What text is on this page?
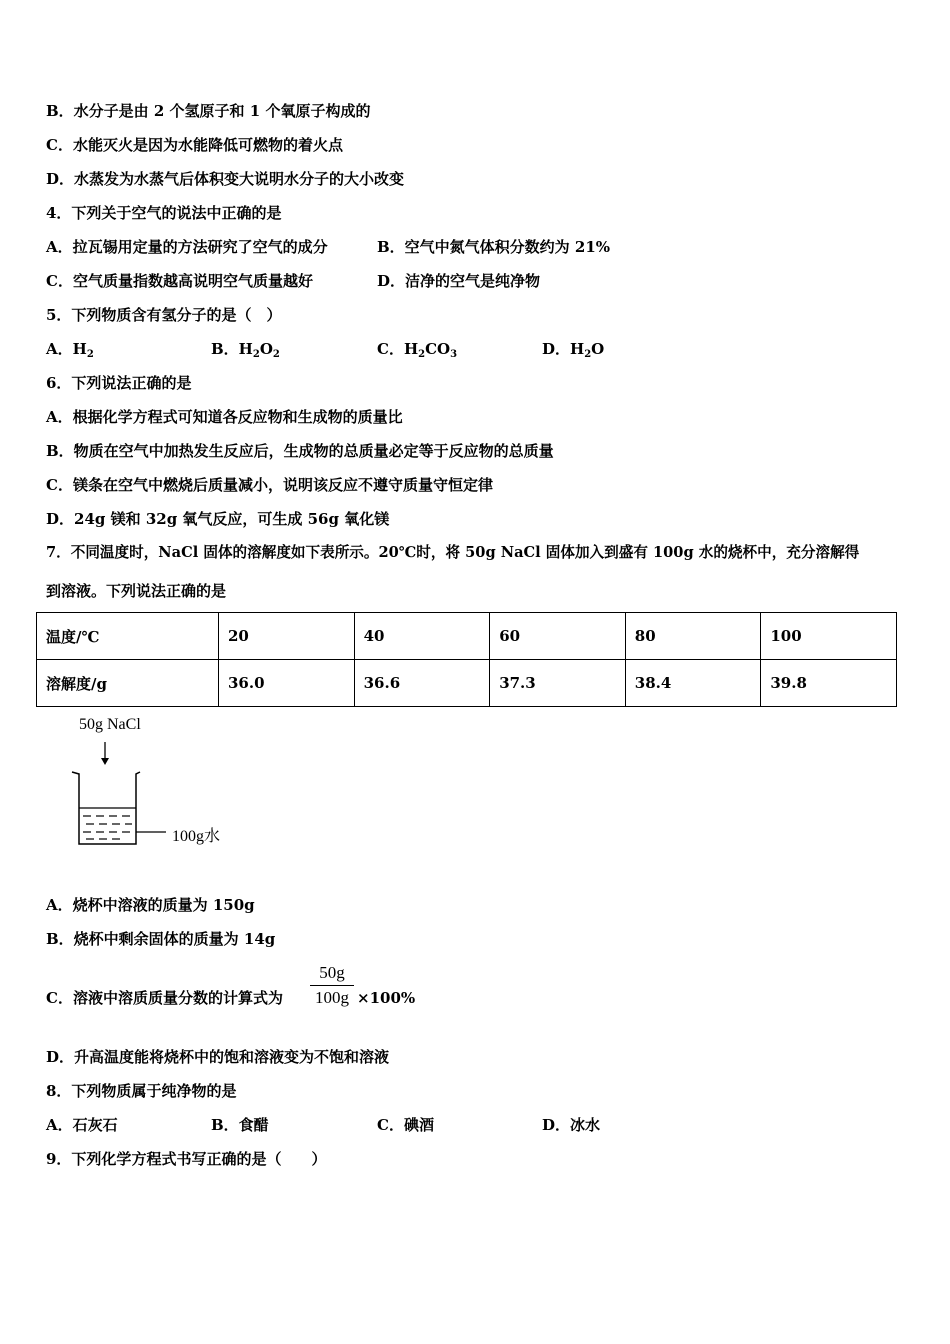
B．水分子是由 2 个氢原子和 1 个氧原子构成的
C．水能灭火是因为水能降低可燃物的着火点
D．水蒸发为水蒸气后体积变大说明水分子的大小改变
4．下列关于空气的说法中正确的是
A．拉瓦锡用定量的方法研究了空气的成分	B．空气中氮气体积分数约为 21%
C．空气质量指数越高说明空气质量越好	D．洁净的空气是纯净物
5．下列物质含有氢分子的是（　）
A．$H_2$	B．$H_2O_2$	C．$H_2CO_3$	D．$H_2O$
6．下列说法正确的是
A．根据化学方程式可知道各反应物和生成物的质量比
B．物质在空气中加热发生反应后，生成物的总质量必定等于反应物的总质量
C．镁条在空气中燃烧后质量减小，说明该反应不遵守质量守恒定律
D．24g 镁和 32g 氧气反应，可生成 56g 氧化镁
7．不同温度时，NaCl 固体的溶解度如下表所示。20℃时，将 50g NaCl 固体加入到盛有 100g 水的烧杯中，充分溶解得
到溶液。下列说法正确的是
温度/℃	20	40	60	80	100
溶解度/g	36.0	36.6	37.3	38.4	39.8
50g NaCl
100g水
A．烧杯中溶液的质量为 150g
B．烧杯中剩余固体的质量为 14g
C．溶液中溶质质量分数的计算式为
50g
100g ×100%
D．升高温度能将烧杯中的饱和溶液变为不饱和溶液
8．下列物质属于纯净物的是
A．石灰石	B．食醋	C．碘酒	D．冰水
9．下列化学方程式书写正确的是（　　）
